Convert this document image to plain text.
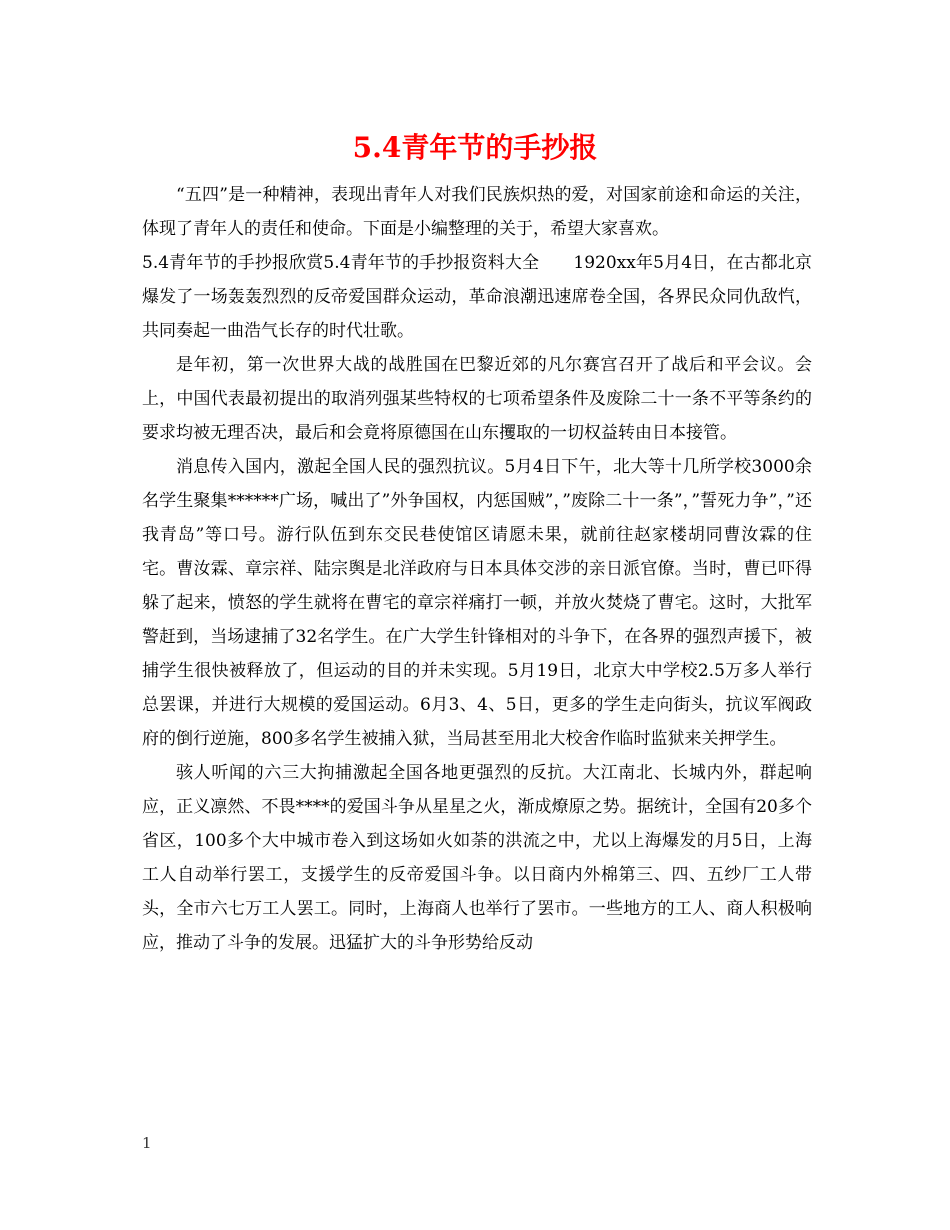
5.4青年节的手抄报

“五四”是一种精神，表现出青年人对我们民族炽热的爱，对国家前途和命运的关注，体现了青年人的责任和使命。下面是小编整理的关于，希望大家喜欢。

5.4青年节的手抄报欣赏5.4青年节的手抄报资料大全　　1920xx年5月4日，在古都北京爆发了一场轰轰烈烈的反帝爱国群众运动，革命浪潮迅速席卷全国，各界民众同仇敌忾，共同奏起一曲浩气长存的时代壮歌。

是年初，第一次世界大战的战胜国在巴黎近郊的凡尔赛宫召开了战后和平会议。会上，中国代表最初提出的取消列强某些特权的七项希望条件及废除二十一条不平等条约的要求均被无理否决，最后和会竟将原德国在山东攫取的一切权益转由日本接管。

消息传入国内，激起全国人民的强烈抗议。5月4日下午，北大等十几所学校3000余名学生聚集******广场，喊出了”外争国权，内惩国贼”，”废除二十一条”，”誓死力争”，”还我青岛”等口号。游行队伍到东交民巷使馆区请愿未果，就前往赵家楼胡同曹汝霖的住宅。曹汝霖、章宗祥、陆宗舆是北洋政府与日本具体交涉的亲日派官僚。当时，曹已吓得躲了起来，愤怒的学生就将在曹宅的章宗祥痛打一顿，并放火焚烧了曹宅。这时，大批军警赶到，当场逮捕了32名学生。在广大学生针锋相对的斗争下，在各界的强烈声援下，被捕学生很快被释放了，但运动的目的并未实现。5月19日，北京大中学校2.5万多人举行总罢课，并进行大规模的爱国运动。6月3、4、5日，更多的学生走向街头，抗议军阀政府的倒行逆施，800多名学生被捕入狱，当局甚至用北大校舍作临时监狱来关押学生。

骇人听闻的六三大拘捕激起全国各地更强烈的反抗。大江南北、长城内外，群起响应，正义凛然、不畏****的爱国斗争从星星之火，渐成燎原之势。据统计，全国有20多个省区，100多个大中城市卷入到这场如火如荼的洪流之中，尤以上海爆发的月5日，上海工人自动举行罢工，支援学生的反帝爱国斗争。以日商内外棉第三、四、五纱厂工人带头，全市六七万工人罢工。同时，上海商人也举行了罢市。一些地方的工人、商人积极响应，推动了斗争的发展。迅猛扩大的斗争形势给反动

1
